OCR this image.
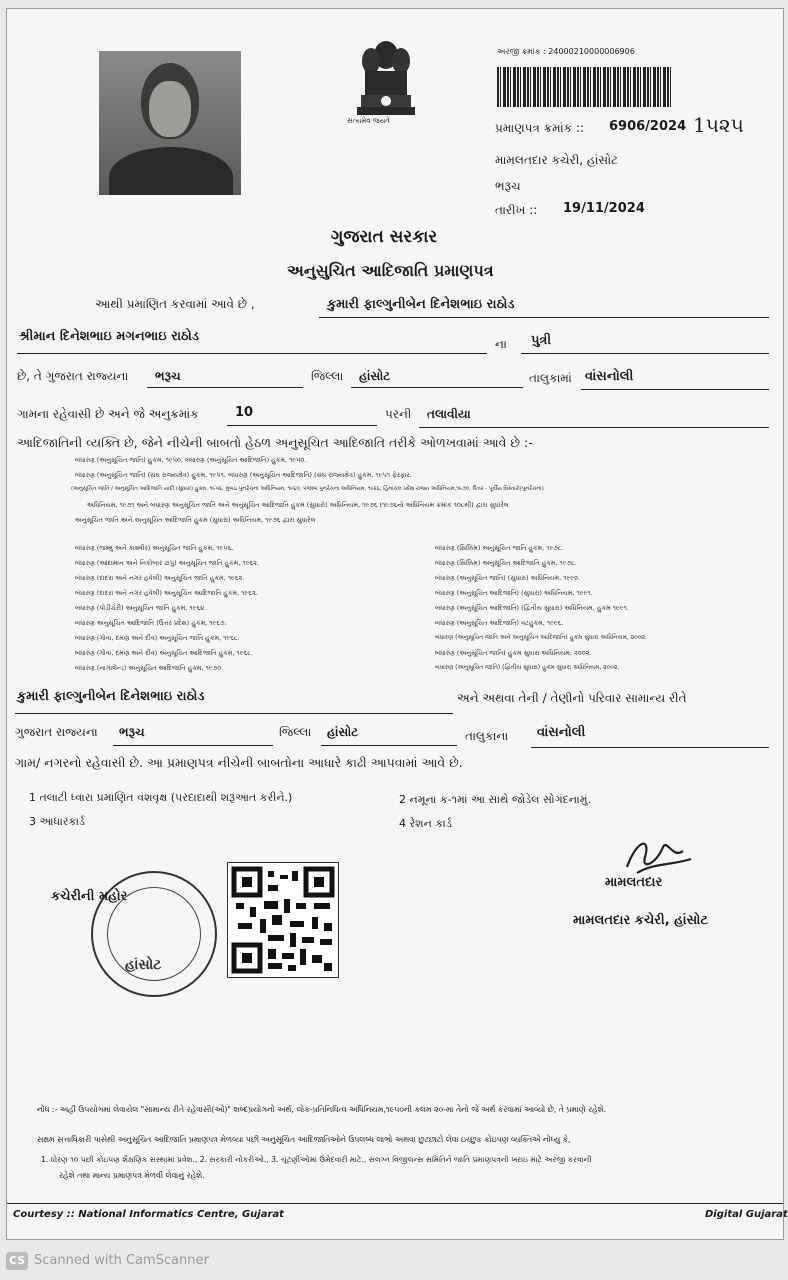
સત્યમેવ જયતે
અરજી ક્રમાંક : 24000210000006906
પ્રમાણપત્ર ક્રમાંક :: 6906/2024 1૫૨૫
મામલતદાર કચેરી, હાંસોટ
ભરૂચ
તારીખ :: 19/11/2024
ગુજરાત સરકાર
અનુસુચિત આદિજાતિ પ્રમાણપત્ર
આથી પ્રમાણિત કરવામાં આવે છે ,	કુમારી ફાલ્ગુનીબેન દિનેશભાઇ રાઠોડ
શ્રીમાન દિનેશભાઇ મગનભાઇ રાઠોડ	ના પુત્રી
છે, તે ગુજરાત રાજ્યના ભરૂચ	જિલ્લા હાંસોટ	તાલુકામાં વાંસનોલી
ગામના રહેવાસી છે અને જે અનુક્રમાંક	10	પરની તલાવીયા
આદિજાતિની વ્યક્તિ છે, જેને નીચેની બાબતો હેઠળ અનુસૂચિત આદિજાતિ તરીકે ઓળખવામાં આવે છે :-
બંધારણ (અનુસૂચિત જાતિ) હુકમ, ૧૯૫૦, બંધારણ (અનુસૂચિત આદિજાતિ) હુકમ, ૧૯૫૦.
બંધારણ (અનુસૂચિત જાતિ) (સંઘ રાજ્યક્ષેત્ર) હુકમ, ૧૯૫૧, બંધારણ (અનુસૂચિત આદિજાતિ) (સંઘ રાજ્યક્ષેત્ર) હુકમ, ૧૯૫૧ ફેરફાર.
(અનુસૂચિત જાતિ / અનુસૂચિત આદિજાતિ યાદી (સુધારા) હુકમ, ૧૯૫૬, મુંબઇ પુનર્રચના અધિનિયમ, ૧૯૬૦, પંજાબ પુનર્રચના અધિનિયમ, ૧૯૬૬, હિમાચલ પ્રદેશ રાજ્ય અધિનિયમ,૧૯૭૦, ઉત્તર - પૂર્વીય વિસ્તારો(પુનર્રચના)
અધિનિયમ, ૧૯૭૧ અને બંધારણ અનુસૂચિત જાતિ અને અનુસૂચિત આદિજાતિ હુકમ (સુધારો) અધિનિયમ, ૧૯૭૬ (૧૯૭૬નો અધિનિયમ ક્રમાંક ૧૦૮થી) દ્વારા સુધારેલ
અનુસૂચિત જાતિ અને અનુસૂચિત આદિજાતિ હુકમ (સુધારા) અધિનિયમ, ૧૯૭૬ દ્વારા સુધારેલ
બંધારણ (જમ્મુ અને કાશ્મીર) અનુસૂચિત જાતિ હુકમ, ૧૯૫૬.
બંધારણ (આંદામાન અને નિકોબાર ટાપુ) અનુસૂચિત જાતિ હુકમ, ૧૯૬૨.
બંધારણ (દાદરા અને નગર હવેલી) અનુસૂચિત જાતિ હુકમ, ૧૯૬૨.
બંધારણ (દાદરા અને નગર હવેલી) અનુસૂચિત આદિજાતિ હુકમ, ૧૯૬૨.
બંધારણ (પોંડીચેરી) અનુસૂચિત જાતિ હુકમ, ૧૯૬૪.
બંધારણ અનુસૂચિત આદિજાતિ (ઉત્તર પ્રદેશ) હુકમ, ૧૯૬૭.
બંધારણ (ગોવા, દમણ અને દીવ) અનુસૂચિત જાતિ હુકમ, ૧૯૬૮.
બંધારણ (ગોવા, દમણ અને દીવ) અનુસૂચિત આદિજાતિ હુકમ, ૧૯૬૮.
બંધારણ (નાગાલેન્ડ) અનુસૂચિત આદિજાતિ હુકમ, ૧૯૭૦.
બંધારણ (સિક્કિમ) અનુસૂચિત જાતિ હુકમ, ૧૯૭૮.
બંધારણ (સિક્કિમ) અનુસૂચિત આદિજાતિ હુકમ, ૧૯૭૮.
બંધારણ (અનુસૂચિત જાતિ) (સુધારા) અધિનિયમ, ૧૯૯૦.
બંધારણ (અનુસૂચિત આદિજાતિ) (સુધારા) અધિનિયમ, ૧૯૯૧.
બંધારણ (અનુસૂચિત આદિજાતિ) (દ્વિતીય સુધારા) અધિનિયમ, હુકમ ૧૯૯૧.
બંધારણ (અનુસૂચિત આદિજાતિ) વટહુકમ, ૧૯૯૬.
બંધારણ (અનુસૂચિત જાતિ અને અનુસૂચિત આદિજાતિ) હુકમ સુધારા અધિનિયમ, ૨૦૦૨.
બંધારણ (અનુસૂચિત જાતિ) હુકમ સુધારા અધિનિયમ, ૨૦૦૨.
બંધારણ (અનુસૂચિત જાતિ) (દ્વિતીય સુધારા) હુકમ સુધારા અધિનિયમ, ૨૦૦૨.
કુમારી ફાલ્ગુનીબેન દિનેશભાઇ રાઠોડ	અને અથવા તેની / તેણીનો પરિવાર સામાન્ય રીતે
ગુજરાત રાજ્યના ભરૂચ	જિલ્લા હાંસોટ	તાલુકાના વાંસનોલી
ગામ/ નગરનો રહેવાસી છે. આ પ્રમાણપત્ર નીચેની બાબતોના આધારે કાઢી આપવામાં આવે છે.
1 તલાટી ધ્વારા પ્રમાણિત વંશવૃક્ષ (પરદાદાથી શરૂઆત કરીને.)	2 નમૂના ક-૧માં આ સાથે જોડેલ સોગંદનામું.
3 આધારકાર્ડ	4 રેશન કાર્ડ
કચેરીની મહોર
હાંસોટ
મામલતદાર
મામલતદાર કચેરી, હાંસોટ
નોંધ :- અહીં ઉપયોગમાં લેવાયેલ "સામાન્ય રીતે રહેવાસી(ઓ)" શબ્દપ્રયોગનો અર્થ, લોક-પ્રતિનિધિત્વ અધિનિયમ,૧૯૫૦ની કલમ ૨૦-માં તેનો જે અર્થ કરવામાં આવ્યો છે, તે પ્રમાણે રહેશે.
સક્ષમ સત્તાધિકારી પાસેથી અનુસૂચિત આદિજાતિ પ્રમાણપત્ર મેળવ્યા પછી અનુસૂચિત આદિજાતિઓને ઉપલબ્ધ લાભો અથવા છુટછાટો લેવા ઇચ્છુક કોઇપણ વ્યક્તિએ નોંધ્યુ કે,
1. ધોરણ ૧૦ પછી કોઇપણ શૈક્ષણિક સંસ્થામાં પ્રવેશ., 2. સરકારી નોકરીઓ., 3. ચૂંટણીઓમાં ઉમેદવારી માટે., સંલગ્ન વિજીલન્સ સમિતિને જાતિ પ્રમાણપત્રની ખરાઇ માટે અરજી કરવાની
રહેશે તથા માન્ય પ્રમાણપત્ર મેળવી લેવાનું રહેશે.
Courtesy :: National Informatics Centre, Gujarat	Digital Gujarat
CS Scanned with CamScanner
